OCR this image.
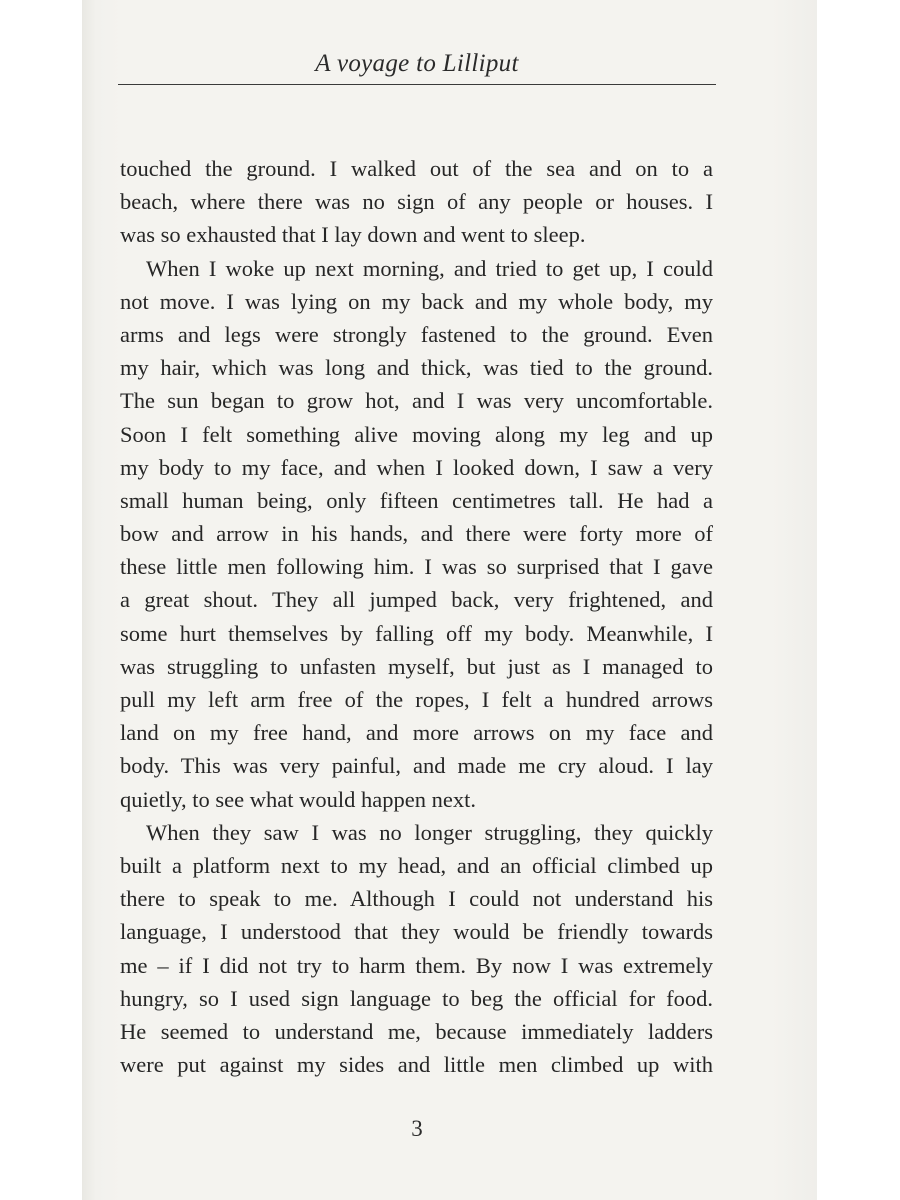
A voyage to Lilliput
touched the ground. I walked out of the sea and on to a
beach, where there was no sign of any people or houses. I
was so exhausted that I lay down and went to sleep.
When I woke up next morning, and tried to get up, I could
not move. I was lying on my back and my whole body, my
arms and legs were strongly fastened to the ground. Even
my hair, which was long and thick, was tied to the ground.
The sun began to grow hot, and I was very uncomfortable.
Soon I felt something alive moving along my leg and up
my body to my face, and when I looked down, I saw a very
small human being, only fifteen centimetres tall. He had a
bow and arrow in his hands, and there were forty more of
these little men following him. I was so surprised that I gave
a great shout. They all jumped back, very frightened, and
some hurt themselves by falling off my body. Meanwhile, I
was struggling to unfasten myself, but just as I managed to
pull my left arm free of the ropes, I felt a hundred arrows
land on my free hand, and more arrows on my face and
body. This was very painful, and made me cry aloud. I lay
quietly, to see what would happen next.
When they saw I was no longer struggling, they quickly
built a platform next to my head, and an official climbed up
there to speak to me. Although I could not understand his
language, I understood that they would be friendly towards
me – if I did not try to harm them. By now I was extremely
hungry, so I used sign language to beg the official for food.
He seemed to understand me, because immediately ladders
were put against my sides and little men climbed up with
3
